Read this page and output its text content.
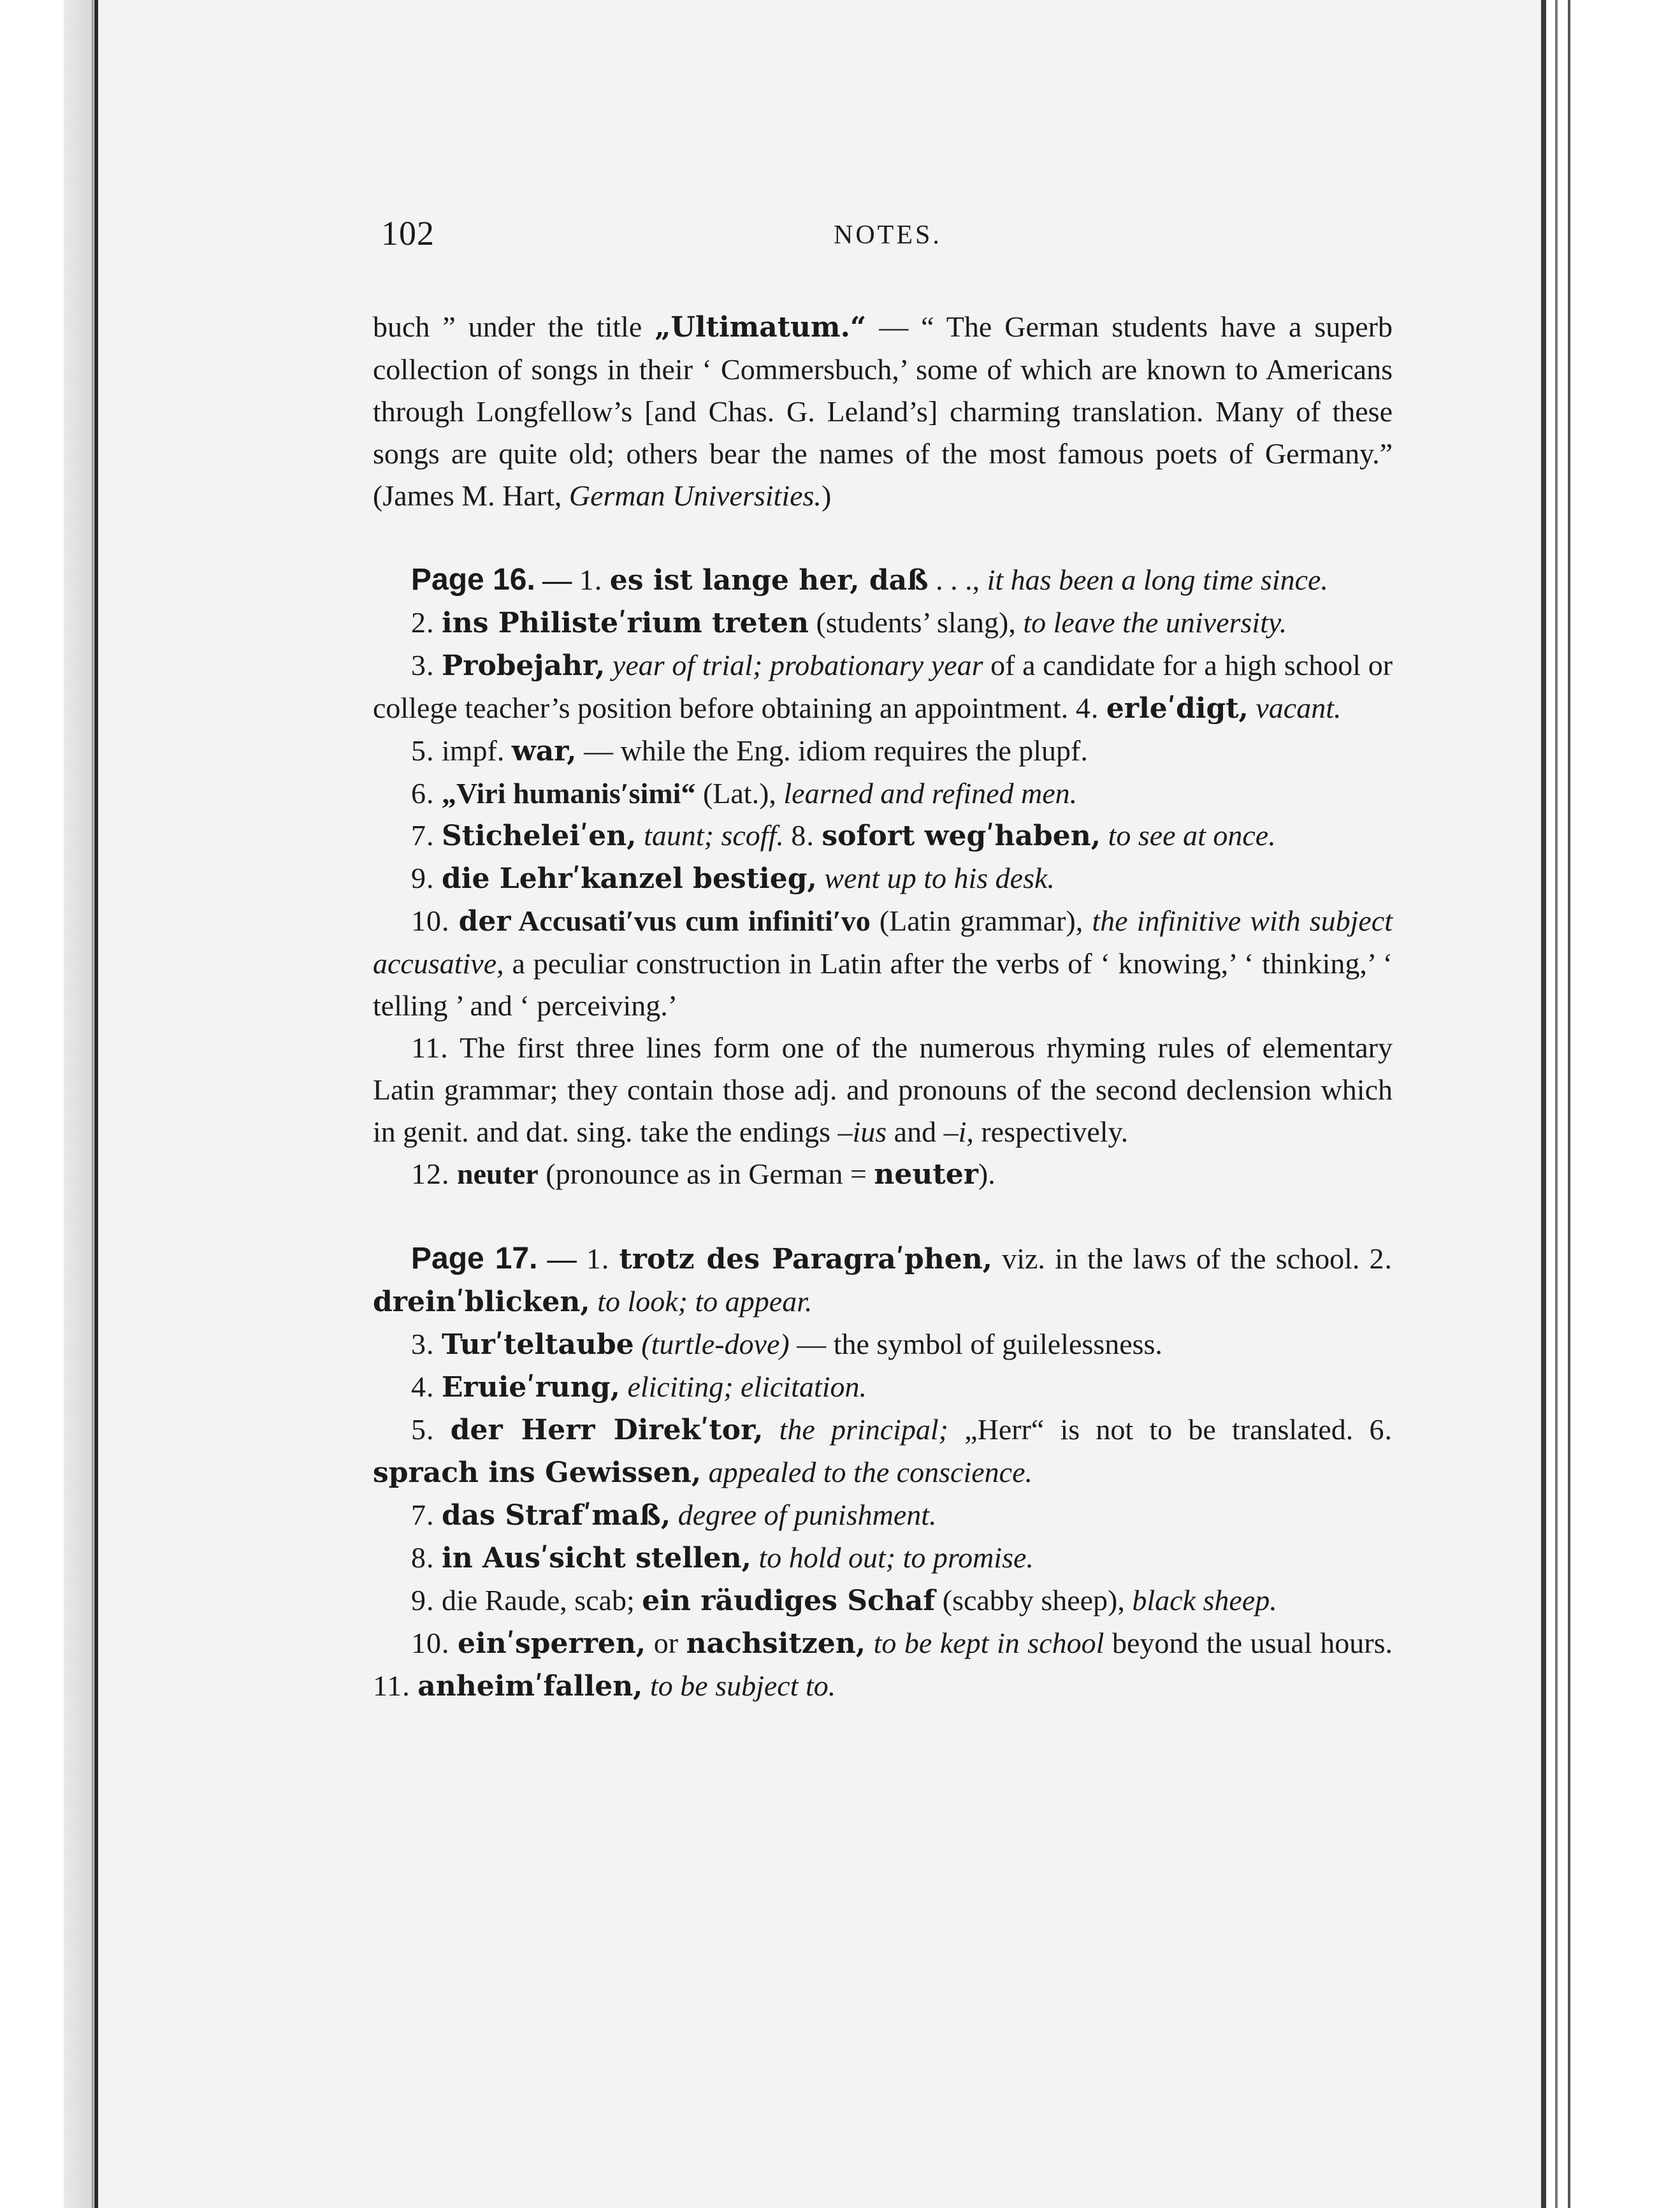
102	NOTES.

buch ” under the title „Ultimatum.“ — “ The German students have a superb collection of songs in their ‘ Commersbuch,’ some of which are known to Americans through Longfellow’s [and Chas. G. Leland’s] charming translation. Many of these songs are quite old; others bear the names of the most famous poets of Germany.” (James M. Hart, German Universities.)

Page 16. — 1. es ist lange her, daß . . ., it has been a long time since.

2. ins Philisteʹrium treten (students’ slang), to leave the university.

3. Probejahr, year of trial; probationary year of a candidate for a high school or college teacher’s position before obtaining an appointment. 4. erleʹdigt, vacant.

5. impf. war, — while the Eng. idiom requires the plupf.

6. „Viri humanisʹsimi“ (Lat.), learned and refined men.

7. Sticheleiʹen, taunt; scoff. 8. sofort wegʹhaben, to see at once.

9. die Lehrʹkanzel bestieg, went up to his desk.

10. der Accusatiʹvus cum infinitiʹvo (Latin grammar), the infinitive with subject accusative, a peculiar construction in Latin after the verbs of ‘ knowing,’ ‘ thinking,’ ‘ telling ’ and ‘ perceiving.’

11. The first three lines form one of the numerous rhyming rules of elementary Latin grammar; they contain those adj. and pronouns of the second declension which in genit. and dat. sing. take the endings –ius and –i, respectively.

12. neuter (pronounce as in German = neuter).

Page 17. — 1. trotz des Paragraʹphen, viz. in the laws of the school. 2. dreinʹblicken, to look; to appear.

3. Turʹteltaube (turtle-dove) — the symbol of guilelessness.

4. Eruieʹrung, eliciting; elicitation.

5. der Herr Direkʹtor, the principal; „Herr“ is not to be translated. 6. sprach ins Gewissen, appealed to the conscience.

7. das Strafʹmaß, degree of punishment.

8. in Ausʹsicht stellen, to hold out; to promise.

9. die Raude, scab; ein räudiges Schaf (scabby sheep), black sheep.

10. einʹsperren, or nachsitzen, to be kept in school beyond the usual hours. 11. anheimʹfallen, to be subject to.
